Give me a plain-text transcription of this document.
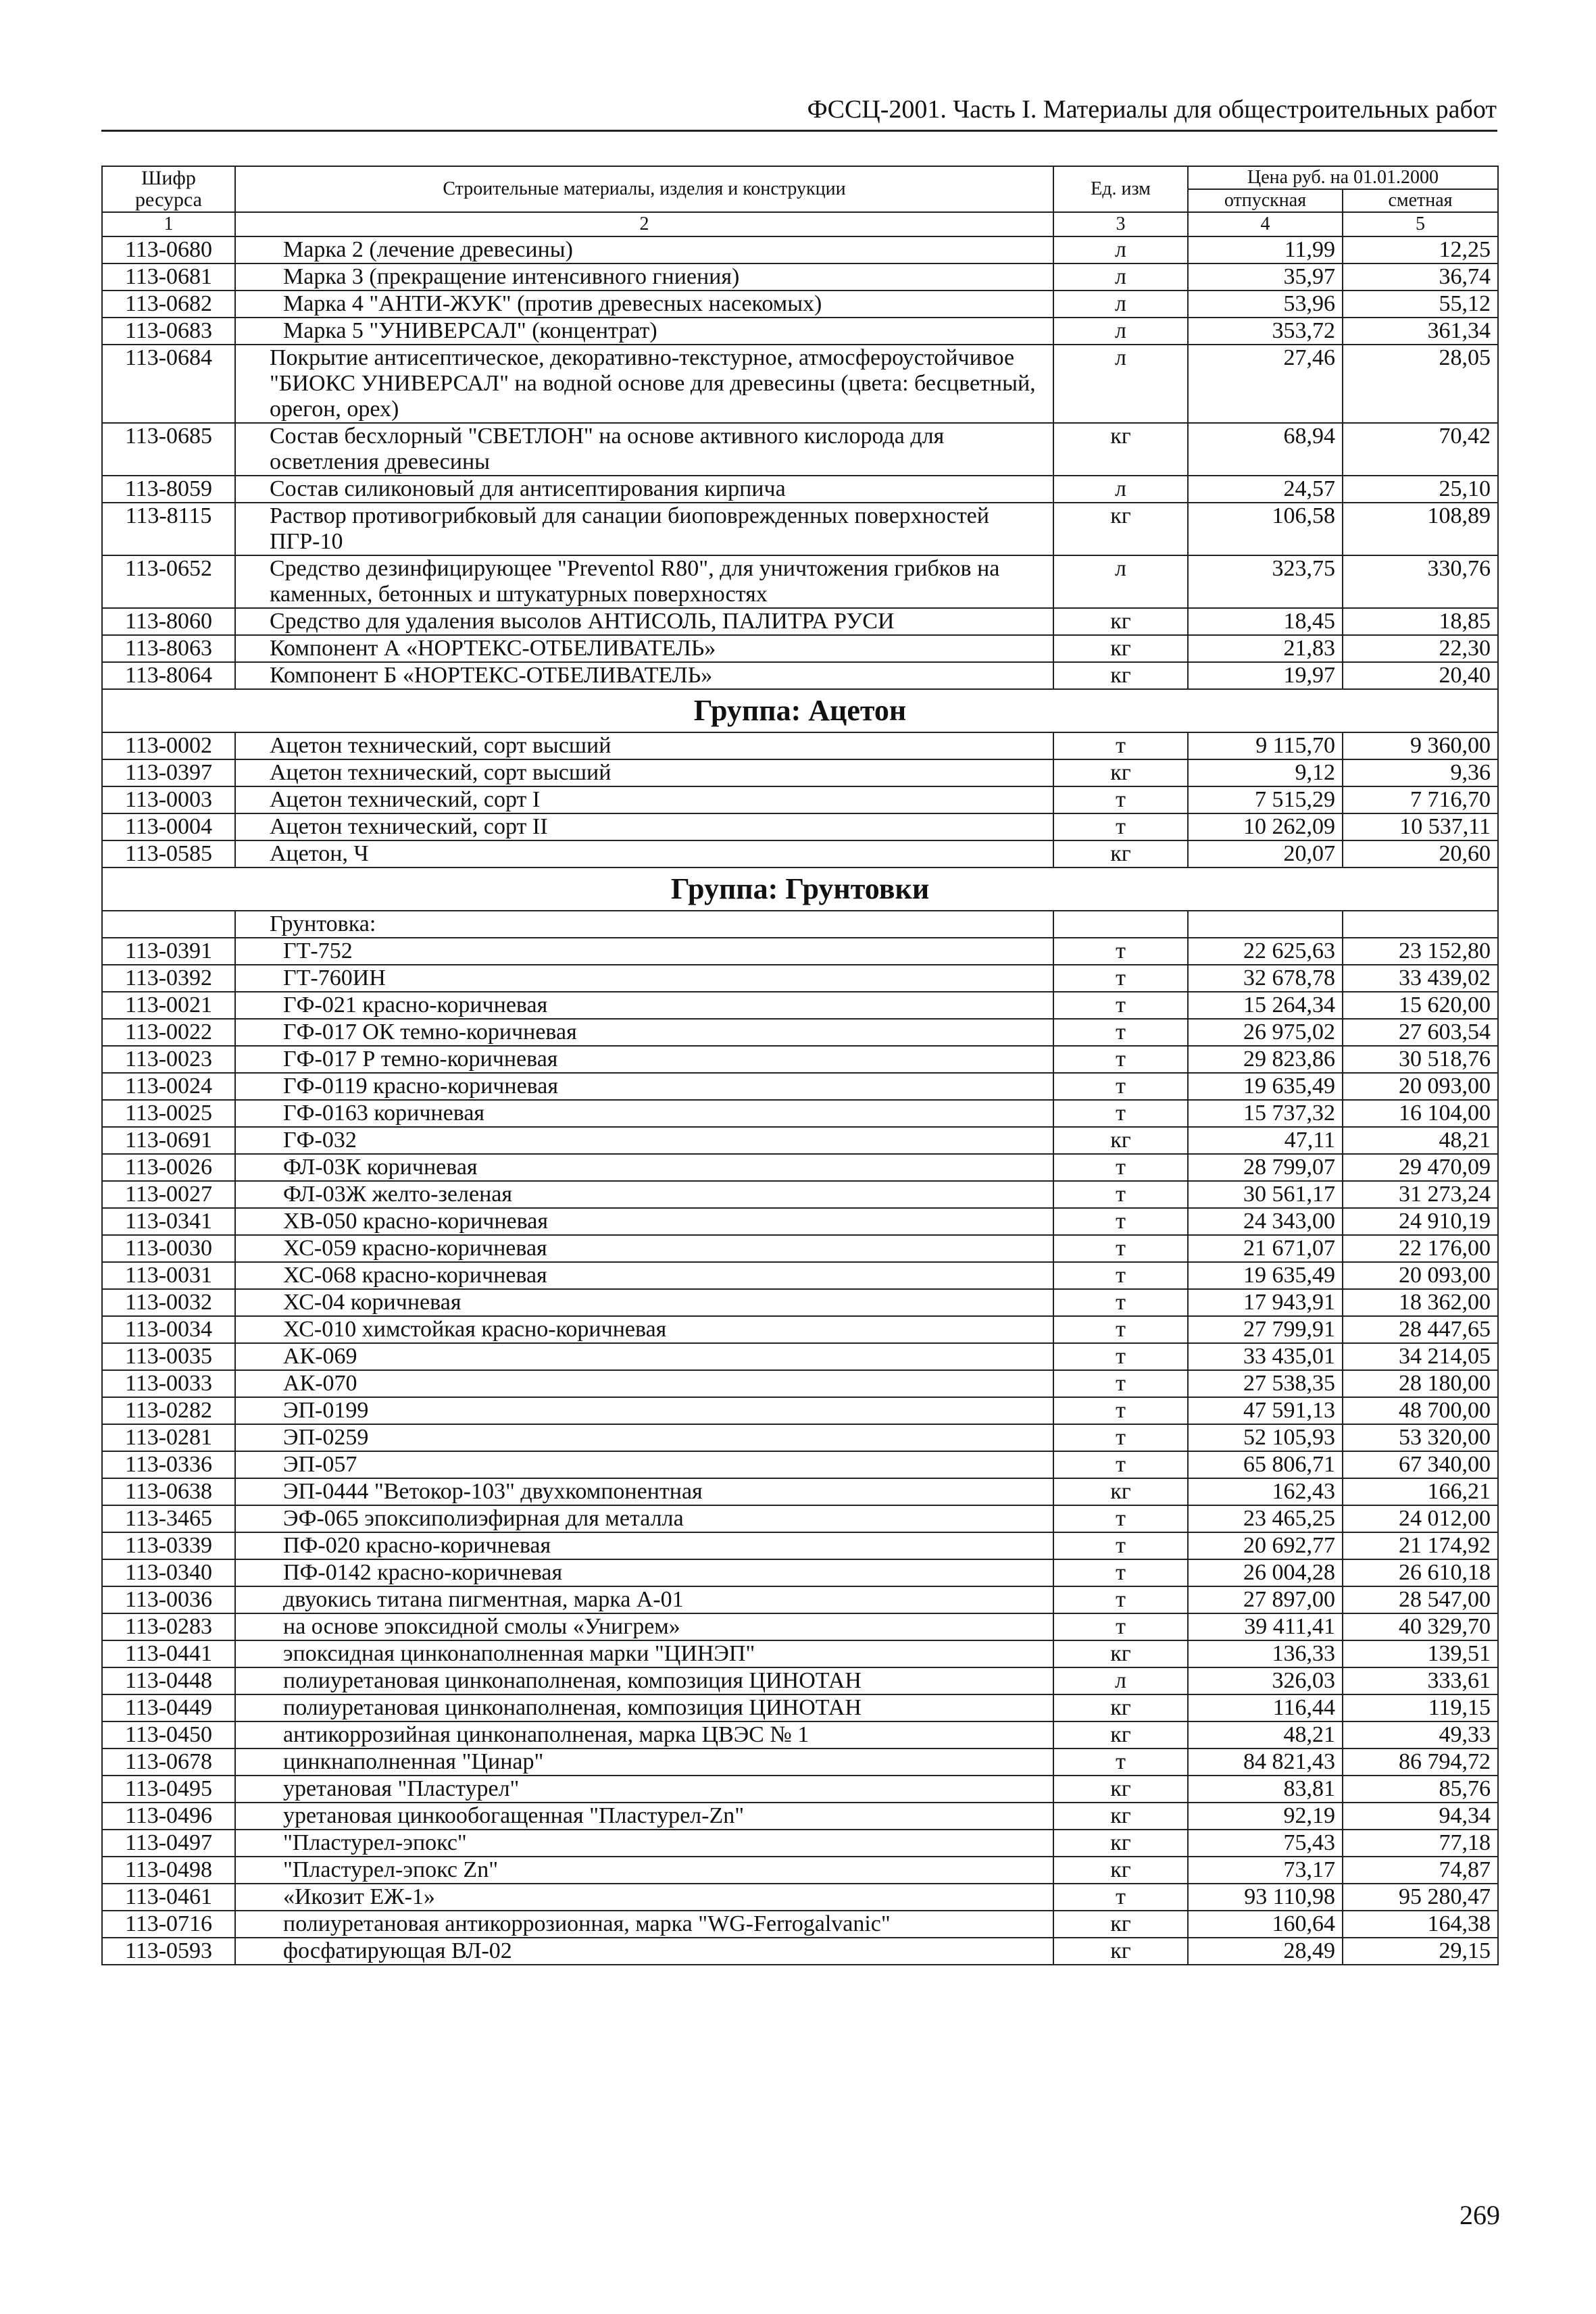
ФССЦ-2001. Часть I. Материалы для общестроительных работ
Шифр ресурса	Строительные материалы, изделия и конструкции	Ед. изм	Цена руб. на 01.01.2000	
			отпускная	сметная
1	2	3	4	5
113-0680	Марка 2 (лечение древесины)	л	11,99	12,25
113-0681	Марка 3 (прекращение интенсивного гниения)	л	35,97	36,74
113-0682	Марка 4 "АНТИ-ЖУК" (против древесных насекомых)	л	53,96	55,12
113-0683	Марка 5 "УНИВЕРСАЛ" (концентрат)	л	353,72	361,34
113-0684	Покрытие антисептическое, декоративно-текстурное, атмосфероустойчивое "БИОКС УНИВЕРСАЛ" на водной основе для древесины (цвета: бесцветный, орегон, орех)	л	27,46	28,05
113-0685	Состав бесхлорный "СВЕТЛОН" на основе активного кислорода для осветления древесины	кг	68,94	70,42
113-8059	Состав силиконовый для антисептирования кирпича	л	24,57	25,10
113-8115	Раствор противогрибковый для санации биоповрежденных поверхностей ПГР-10	кг	106,58	108,89
113-0652	Средство дезинфицирующее "Preventol R80", для уничтожения грибков на каменных, бетонных и штукатурных поверхностях	л	323,75	330,76
113-8060	Средство для удаления высолов АНТИСОЛЬ, ПАЛИТРА РУСИ	кг	18,45	18,85
113-8063	Компонент А «НОРТЕКС-ОТБЕЛИВАТЕЛЬ»	кг	21,83	22,30
113-8064	Компонент Б «НОРТЕКС-ОТБЕЛИВАТЕЛЬ»	кг	19,97	20,40
Группа: Ацетон				
113-0002	Ацетон технический, сорт высший	т	9 115,70	9 360,00
113-0397	Ацетон технический, сорт высший	кг	9,12	9,36
113-0003	Ацетон технический, сорт I	т	7 515,29	7 716,70
113-0004	Ацетон технический, сорт II	т	10 262,09	10 537,11
113-0585	Ацетон, Ч	кг	20,07	20,60
Группа: Грунтовки				
	Грунтовка:			
113-0391	ГТ-752	т	22 625,63	23 152,80
113-0392	ГТ-760ИН	т	32 678,78	33 439,02
113-0021	ГФ-021 красно-коричневая	т	15 264,34	15 620,00
113-0022	ГФ-017 ОК темно-коричневая	т	26 975,02	27 603,54
113-0023	ГФ-017 Р темно-коричневая	т	29 823,86	30 518,76
113-0024	ГФ-0119 красно-коричневая	т	19 635,49	20 093,00
113-0025	ГФ-0163 коричневая	т	15 737,32	16 104,00
113-0691	ГФ-032	кг	47,11	48,21
113-0026	ФЛ-03К коричневая	т	28 799,07	29 470,09
113-0027	ФЛ-03Ж желто-зеленая	т	30 561,17	31 273,24
113-0341	ХВ-050 красно-коричневая	т	24 343,00	24 910,19
113-0030	ХС-059 красно-коричневая	т	21 671,07	22 176,00
113-0031	ХС-068 красно-коричневая	т	19 635,49	20 093,00
113-0032	ХС-04 коричневая	т	17 943,91	18 362,00
113-0034	ХС-010 химстойкая красно-коричневая	т	27 799,91	28 447,65
113-0035	АК-069	т	33 435,01	34 214,05
113-0033	АК-070	т	27 538,35	28 180,00
113-0282	ЭП-0199	т	47 591,13	48 700,00
113-0281	ЭП-0259	т	52 105,93	53 320,00
113-0336	ЭП-057	т	65 806,71	67 340,00
113-0638	ЭП-0444 "Ветокор-103" двухкомпонентная	кг	162,43	166,21
113-3465	ЭФ-065 эпоксиполиэфирная для металла	т	23 465,25	24 012,00
113-0339	ПФ-020 красно-коричневая	т	20 692,77	21 174,92
113-0340	ПФ-0142 красно-коричневая	т	26 004,28	26 610,18
113-0036	двуокись титана пигментная, марка А-01	т	27 897,00	28 547,00
113-0283	на основе эпоксидной смолы «Унигрем»	т	39 411,41	40 329,70
113-0441	эпоксидная цинконаполненная марки "ЦИНЭП"	кг	136,33	139,51
113-0448	полиуретановая цинконаполненая, композиция ЦИНОТАН	л	326,03	333,61
113-0449	полиуретановая цинконаполненая, композиция ЦИНОТАН	кг	116,44	119,15
113-0450	антикоррозийная цинконаполненая, марка ЦВЭС № 1	кг	48,21	49,33
113-0678	цинкнаполненная "Цинар"	т	84 821,43	86 794,72
113-0495	уретановая "Пластурел"	кг	83,81	85,76
113-0496	уретановая цинкообогащенная "Пластурел-Zn"	кг	92,19	94,34
113-0497	"Пластурел-эпокс"	кг	75,43	77,18
113-0498	"Пластурел-эпокс Zn"	кг	73,17	74,87
113-0461	«Икозит ЕЖ-1»	т	93 110,98	95 280,47
113-0716	полиуретановая антикоррозионная, марка "WG-Ferrogalvanic"	кг	160,64	164,38
113-0593	фосфатирующая ВЛ-02	кг	28,49	29,15
269
